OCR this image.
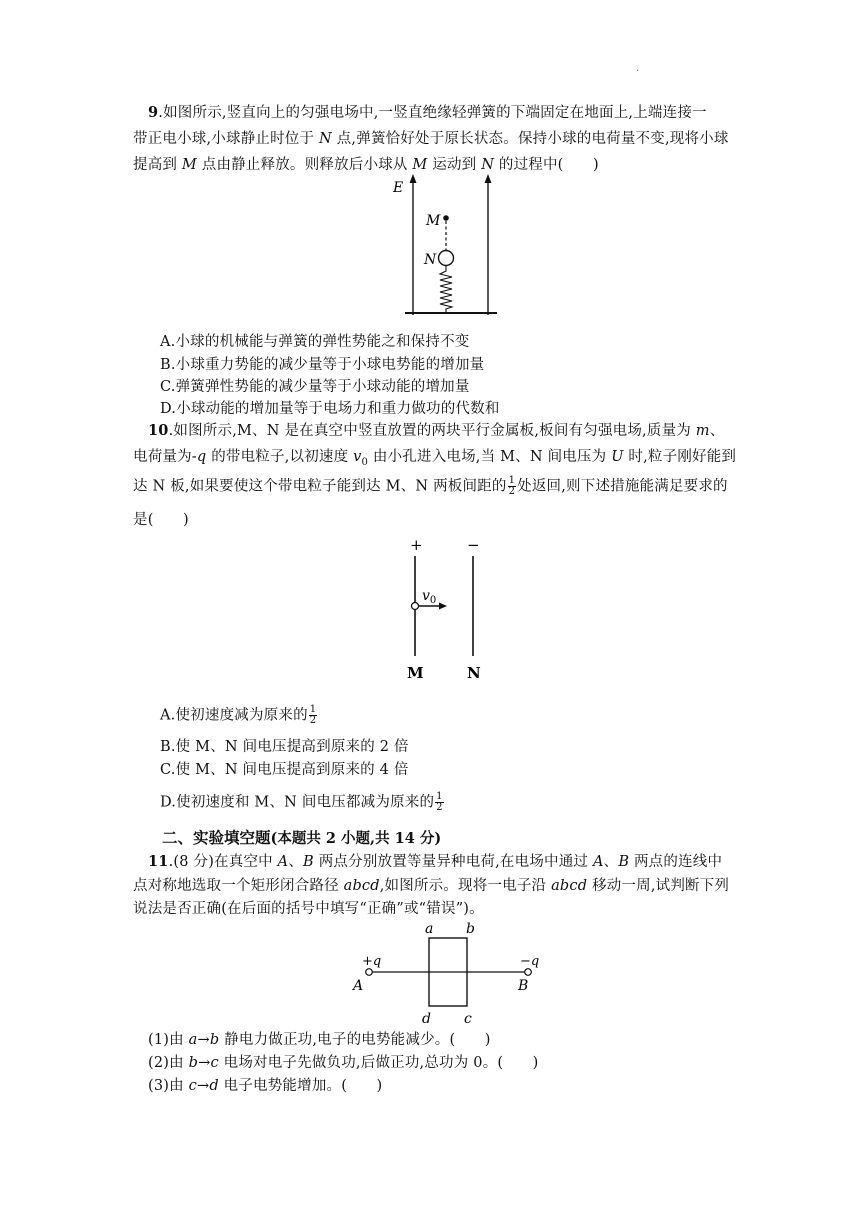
·
9.如图所示,竖直向上的匀强电场中,一竖直绝缘轻弹簧的下端固定在地面上,上端连接一
带正电小球,小球静止时位于 N 点,弹簧恰好处于原长状态。保持小球的电荷量不变,现将小球
提高到 M 点由静止释放。则释放后小球从 M 运动到 N 的过程中(　　)
E
M
N
A.小球的机械能与弹簧的弹性势能之和保持不变
B.小球重力势能的减少量等于小球电势能的增加量
C.弹簧弹性势能的减少量等于小球动能的增加量
D.小球动能的增加量等于电场力和重力做功的代数和
10.如图所示,M、N 是在真空中竖直放置的两块平行金属板,板间有匀强电场,质量为 m、
电荷量为-q 的带电粒子,以初速度 $v_0$ 由小孔进入电场,当 M、N 间电压为 U 时,粒子刚好能到
达 N 板,如果要使这个带电粒子能到达 M、N 两板间距的 $\frac{1}{2}$ 处返回,则下述措施能满足要求的
是(　　)
+	−
$v_0$
M	N
A.使初速度减为原来的 $\frac{1}{2}$
B.使 M、N 间电压提高到原来的 2 倍
C.使 M、N 间电压提高到原来的 4 倍
D.使初速度和 M、N 间电压都减为原来的 $\frac{1}{2}$
二、实验填空题(本题共 2 小题,共 14 分)
11.(8 分)在真空中 A、B 两点分别放置等量异种电荷,在电场中通过 A、B 两点的连线中
点对称地选取一个矩形闭合路径 abcd,如图所示。现将一电子沿 abcd 移动一周,试判断下列
说法是否正确(在后面的括号中填写“正确”或“错误”)。
a b
+q	−q
A	B
d c
(1)由 a→b 静电力做正功,电子的电势能减少。(　　)
(2)由 b→c 电场对电子先做负功,后做正功,总功为 0。(　　)
(3)由 c→d 电子电势能增加。(　　)
